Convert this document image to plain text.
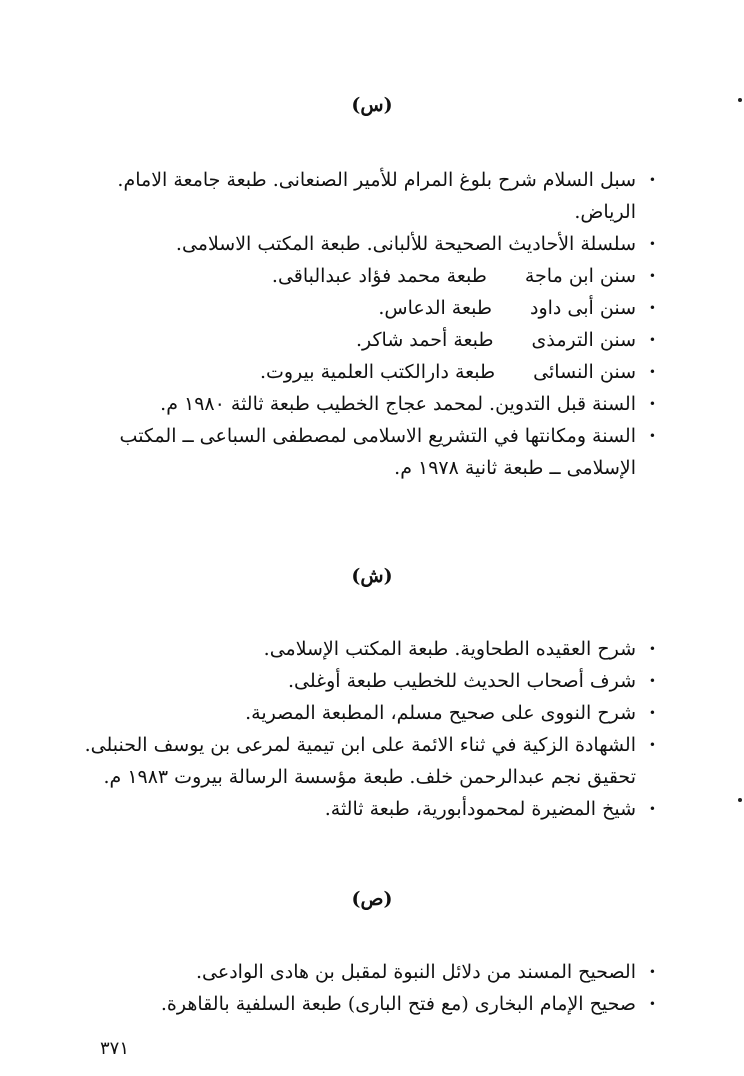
(س)
•
سبل السلام شرح بلوغ المرام للأمير الصنعانى. طبعة جامعة الامام.
الرياض.
•
سلسلة الأحاديث الصحيحة للألبانى. طبعة المكتب الاسلامى.
•
سنن ابن ماجةطبعة محمد فؤاد عبدالباقى.
•
سنن أبى داودطبعة الدعاس.
•
سنن الترمذىطبعة أحمد شاكر.
•
سنن النسائىطبعة دارالكتب العلمية بيروت.
•
السنة قبل التدوين. لمحمد عجاج الخطيب طبعة ثالثة ١٩٨٠ م.
•
السنة ومكانتها في التشريع الاسلامى لمصطفى السباعى ــ المكتب
الإسلامى ــ طبعة ثانية ١٩٧٨ م.
(ش)
•
شرح العقيده الطحاوية. طبعة المكتب الإسلامى.
•
شرف أصحاب الحديث للخطيب طبعة أوغلى.
•
شرح النووى على صحيح مسلم، المطبعة المصرية.
•
الشهادة الزكية في ثناء الائمة على ابن تيمية لمرعى بن يوسف الحنبلى.
تحقيق نجم عبدالرحمن خلف. طبعة مؤسسة الرسالة بيروت ١٩٨٣ م.
•
شيخ المضيرة لمحمودأبورية، طبعة ثالثة.
(ص)
•
الصحيح المسند من دلائل النبوة لمقبل بن هادى الوادعى.
•
صحيح الإمام البخارى (مع فتح البارى) طبعة السلفية بالقاهرة.
٣٧١
